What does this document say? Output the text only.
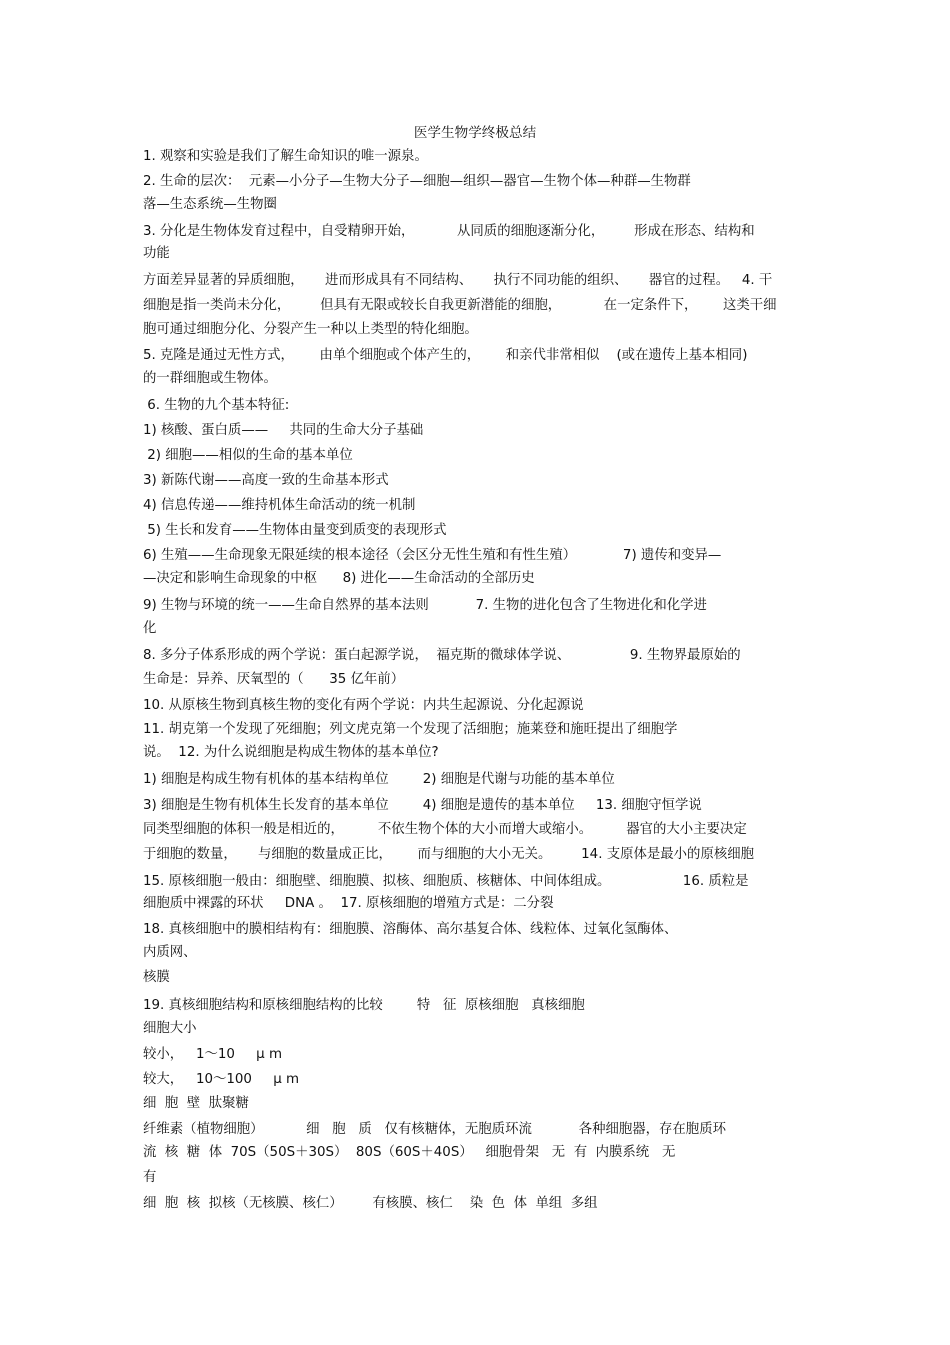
医学生物学终极总结
1. 观察和实验是我们了解生命知识的唯一源泉。
2. 生命的层次：  元素—小分子—生物大分子—细胞—组织—器官—生物个体—种群—生物群
落—生态系统—生物圈
3. 分化是生物体发育过程中，自受精卵开始，          从同质的细胞逐渐分化，       形成在形态、结构和
功能
方面差异显著的异质细胞，     进而形成具有不同结构、     执行不同功能的组织、     器官的过程。   4. 干
细胞是指一类尚未分化，       但具有无限或较长自我更新潜能的细胞，          在一定条件下，      这类干细
胞可通过细胞分化、分裂产生一种以上类型的特化细胞。
5. 克隆是通过无性方式，      由单个细胞或个体产生的，      和亲代非常相似    (或在遗传上基本相同)
的一群细胞或生物体。
6. 生物的九个基本特征:
1) 核酸、蛋白质——     共同的生命大分子基础
2) 细胞——相似的生命的基本单位
3) 新陈代谢——高度一致的生命基本形式
4) 信息传递——维持机体生命活动的统一机制
5) 生长和发育——生物体由量变到质变的表现形式
6) 生殖——生命现象无限延续的根本途径（会区分无性生殖和有性生殖）           7) 遗传和变异—
—决定和影响生命现象的中枢      8) 进化——生命活动的全部历史
9) 生物与环境的统一——生命自然界的基本法则           7. 生物的进化包含了生物进化和化学进
化
8. 多分子体系形成的两个学说：蛋白起源学说，  福克斯的微球体学说、              9. 生物界最原始的
生命是：异养、厌氧型的（      35 亿年前）
10. 从原核生物到真核生物的变化有两个学说：内共生起源说、分化起源说
11. 胡克第一个发现了死细胞；列文虎克第一个发现了活细胞；施莱登和施旺提出了细胞学
说。  12. 为什么说细胞是构成生物体的基本单位?
1) 细胞是构成生物有机体的基本结构单位        2) 细胞是代谢与功能的基本单位
3) 细胞是生物有机体生长发育的基本单位        4) 细胞是遗传的基本单位     13. 细胞守恒学说
同类型细胞的体积一般是相近的，        不依生物个体的大小而增大或缩小。        器官的大小主要决定
于细胞的数量，     与细胞的数量成正比，      而与细胞的大小无关。       14. 支原体是最小的原核细胞
15. 原核细胞一般由：细胞壁、细胞膜、拟核、细胞质、核糖体、中间体组成。                 16. 质粒是
细胞质中裸露的环状     DNA 。  17. 原核细胞的增殖方式是：二分裂
18. 真核细胞中的膜相结构有：细胞膜、溶酶体、高尔基复合体、线粒体、过氧化氢酶体、
内质网、
核膜
19. 真核细胞结构和原核细胞结构的比较        特   征  原核细胞   真核细胞
细胞大小
较小，   1～10     μ m
较大，   10～100     μ m
细  胞  壁  肽聚糖
纤维素（植物细胞）          细   胞   质   仅有核糖体，无胞质环流           各种细胞器，存在胞质环
流  核  糖  体  70S（50S＋30S）  80S（60S＋40S）   细胞骨架   无  有  内膜系统   无
有
细  胞  核  拟核（无核膜、核仁）       有核膜、核仁    染  色  体  单组  多组
